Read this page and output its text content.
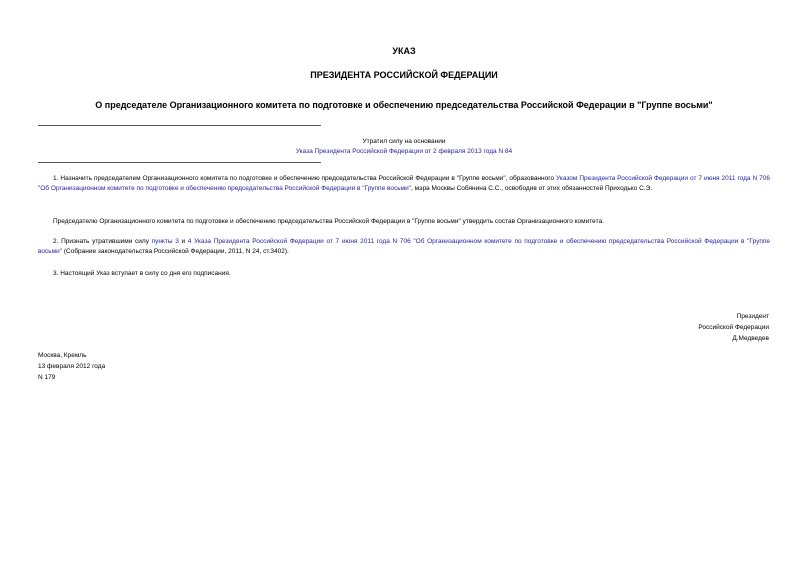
УКАЗ
ПРЕЗИДЕНТА РОССИЙСКОЙ ФЕДЕРАЦИИ
О председателе Организационного комитета по подготовке и обеспечению председательства Российской Федерации в "Группе восьми"
Утратил силу на основании
Указа Президента Российской Федерации от 2 февраля 2013 года N 84
1. Назначить председателем Организационного комитета по подготовке и обеспечению председательства Российской Федерации в "Группе восьми", образованного Указом Президента Российской Федерации от 7 июня 2011 года N 706 "Об Организационном комитете по подготовке и обеспечению председательства Российской Федерации в "Группе восьми", мэра Москвы Собянина С.С., освободив от этих обязанностей Приходько С.Э.
Председателю Организационного комитета по подготовке и обеспечению председательства Российской Федерации в "Группе восьми" утвердить состав Организационного комитета.
2. Признать утратившими силу пункты 3 и 4 Указа Президента Российской Федерации от 7 июня 2011 года N 706 "Об Организационном комитете по подготовке и обеспечению председательства Российской Федерации в "Группе восьми" (Собрание законодательства Российской Федерации, 2011, N 24, ст.3402).
3. Настоящий Указ вступает в силу со дня его подписания.
Президент
Российской Федерации
Д.Медведев
Москва, Кремль
13 февраля 2012 года
N 179
